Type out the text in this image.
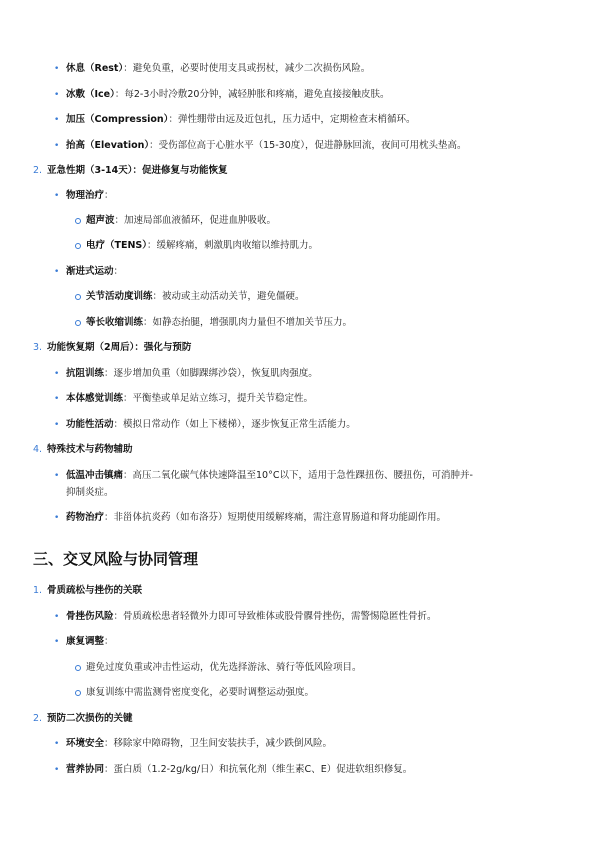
• 休息（Rest）：避免负重，必要时使用支具或拐杖，减少二次损伤风险。
• 冰敷（Ice）：每2-3小时冷敷20分钟，减轻肿胀和疼痛，避免直接接触皮肤。
• 加压（Compression）：弹性绷带由远及近包扎，压力适中，定期检查末梢循环。
• 抬高（Elevation）：受伤部位高于心脏水平（15-30度），促进静脉回流，夜间可用枕头垫高。
2. 亚急性期（3-14天）：促进修复与功能恢复
• 物理治疗：
超声波：加速局部血液循环，促进血肿吸收。
电疗（TENS）：缓解疼痛，刺激肌肉收缩以维持肌力。
• 渐进式运动：
关节活动度训练：被动或主动活动关节，避免僵硬。
等长收缩训练：如静态抬腿，增强肌肉力量但不增加关节压力。
3. 功能恢复期（2周后）：强化与预防
• 抗阻训练：逐步增加负重（如脚踝绑沙袋），恢复肌肉强度。
• 本体感觉训练：平衡垫或单足站立练习，提升关节稳定性。
• 功能性活动：模拟日常动作（如上下楼梯），逐步恢复正常生活能力。
4. 特殊技术与药物辅助
• 低温冲击镇痛：高压二氧化碳气体快速降温至10°C以下，适用于急性踝扭伤、腰扭伤，可消肿并-
抑制炎症。
• 药物治疗：非甾体抗炎药（如布洛芬）短期使用缓解疼痛，需注意胃肠道和肾功能副作用。
三、交叉风险与协同管理
1. 骨质疏松与挫伤的关联
• 骨挫伤风险：骨质疏松患者轻微外力即可导致椎体或股骨髁骨挫伤，需警惕隐匿性骨折。
• 康复调整：
避免过度负重或冲击性运动，优先选择游泳、骑行等低风险项目。
康复训练中需监测骨密度变化，必要时调整运动强度。
2. 预防二次损伤的关键
• 环境安全：移除家中障碍物，卫生间安装扶手，减少跌倒风险。
• 营养协同：蛋白质（1.2-2g/kg/日）和抗氧化剂（维生素C、E）促进软组织修复。
